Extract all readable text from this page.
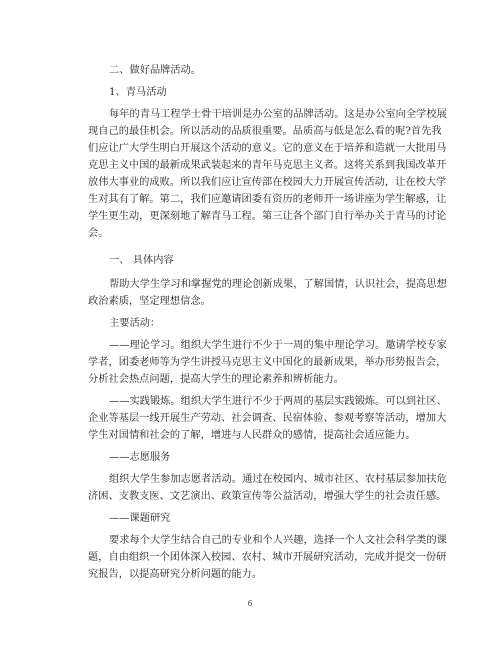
二、做好品牌活动。
1、青马活动
每年的青马工程学士骨干培训是办公室的品牌活动。这是办公室向全学校展
现自己的最佳机会。所以活动的品质很重要。品质高与低是怎么看的呢?首先我
们应让广大学生明白开展这个活动的意义。它的意义在于培养和造就一大批用马
克思主义中国的最新成果武装起来的青年马克思主义者。这将关系到我国改革开
放伟大事业的成败。所以我们应让宣传部在校园大力开展宣传活动，让在校大学
生对其有了解。第二，我们应邀请团委有资历的老师开一场讲座为学生解惑，让
学生更生动，更深刻地了解青马工程。第三让各个部门自行举办关于青马的讨论
会。
一、 具体内容
帮助大学生学习和掌握党的理论创新成果，了解国情，认识社会，提高思想
政治素质，坚定理想信念。
主要活动：
——理论学习。组织大学生进行不少于一周的集中理论学习。邀请学校专家
学者，团委老师等为学生讲授马克思主义中国化的最新成果，举办形势报告会，
分析社会热点问题，提高大学生的理论素养和辨析能力。
——实践锻炼。组织大学生进行不少于两周的基层实践锻炼。可以到社区、
企业等基层一线开展生产劳动、社会调查、民宿体验、参观考察等活动，增加大
学生对国情和社会的了解，增进与人民群众的感情，提高社会适应能力。
——志愿服务
组织大学生参加志愿者活动。通过在校园内、城市社区、农村基层参加扶危
济困、支教支医、文艺演出、政策宣传等公益活动，增强大学生的社会责任感。
——课题研究
要求每个大学生结合自己的专业和个人兴趣，选择一个人文社会科学类的课
题，自由组织一个团体深入校园、农村、城市开展研究活动，完成并提交一份研
究报告，以提高研究分析问题的能力。
6
